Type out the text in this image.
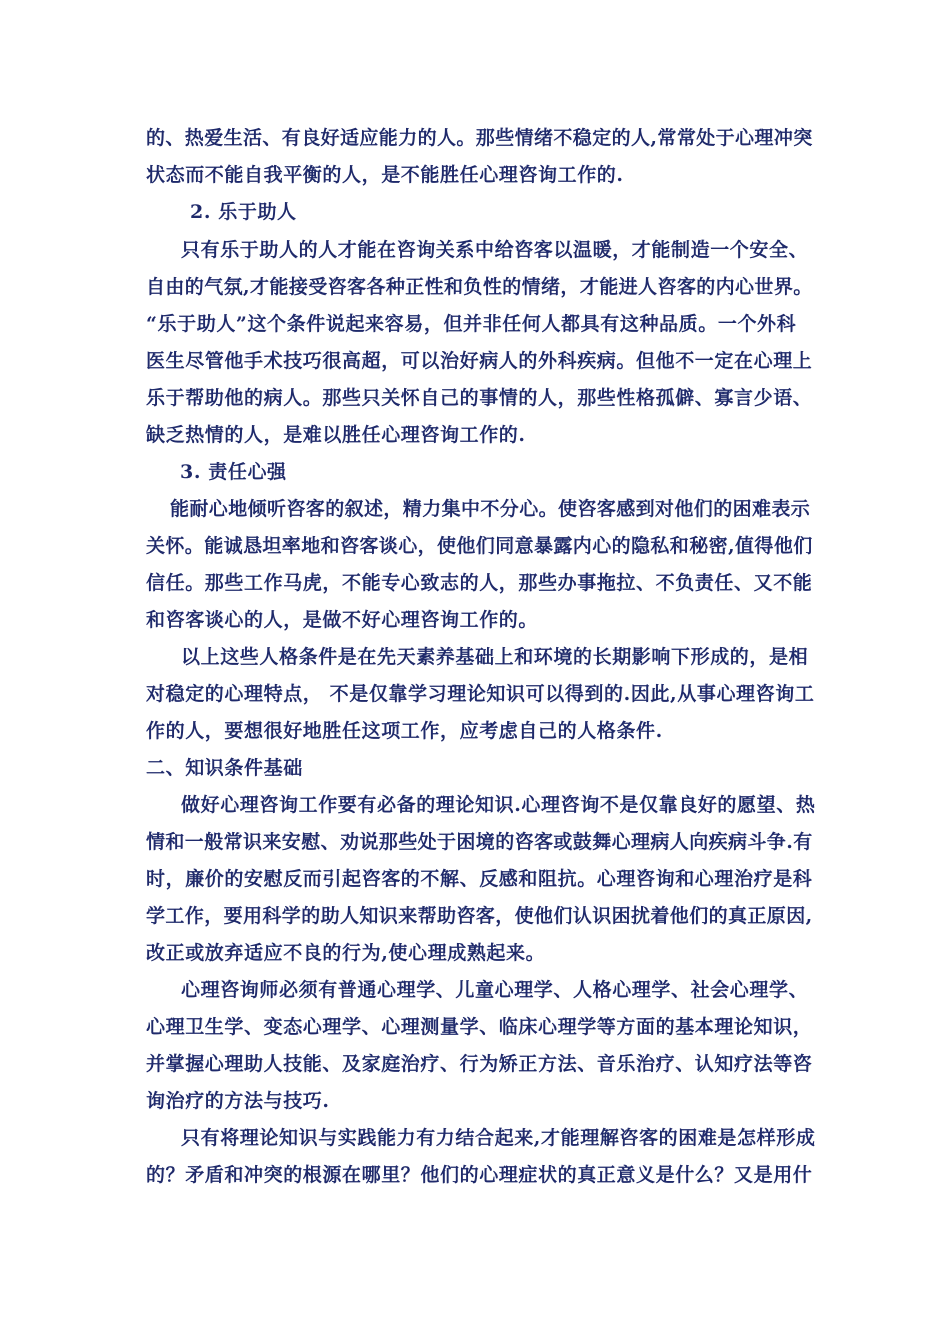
的、热爱生活、有良好适应能力的人。那些情绪不稳定的人,常常处于心理冲突

状态而不能自我平衡的人，是不能胜任心理咨询工作的.

2. 乐于助人

只有乐于助人的人才能在咨询关系中给咨客以温暖，才能制造一个安全、

自由的气氛,才能接受咨客各种正性和负性的情绪，才能进人咨客的内心世界。

“乐于助人”这个条件说起来容易，但并非任何人都具有这种品质。一个外科

医生尽管他手术技巧很高超，可以治好病人的外科疾病。但他不一定在心理上

乐于帮助他的病人。那些只关怀自己的事情的人，那些性格孤僻、寡言少语、

缺乏热情的人，是难以胜任心理咨询工作的.

3. 责任心强

能耐心地倾听咨客的叙述，精力集中不分心。使咨客感到对他们的困难表示

关怀。能诚恳坦率地和咨客谈心，使他们同意暴露内心的隐私和秘密,值得他们

信任。那些工作马虎，不能专心致志的人，那些办事拖拉、不负责任、又不能

和咨客谈心的人，是做不好心理咨询工作的。

以上这些人格条件是在先天素养基础上和环境的长期影响下形成的，是相

对稳定的心理特点， 不是仅靠学习理论知识可以得到的.因此,从事心理咨询工

作的人，要想很好地胜任这项工作，应考虑自己的人格条件.

二、知识条件基础

做好心理咨询工作要有必备的理论知识.心理咨询不是仅靠良好的愿望、热

情和一般常识来安慰、劝说那些处于困境的咨客或鼓舞心理病人向疾病斗争.有

时，廉价的安慰反而引起咨客的不解、反感和阻抗。心理咨询和心理治疗是科

学工作，要用科学的助人知识来帮助咨客，使他们认识困扰着他们的真正原因,

改正或放弃适应不良的行为,使心理成熟起来。

心理咨询师必须有普通心理学、儿童心理学、人格心理学、社会心理学、

心理卫生学、变态心理学、心理测量学、临床心理学等方面的基本理论知识，

并掌握心理助人技能、及家庭治疗、行为矫正方法、音乐治疗、认知疗法等咨

询治疗的方法与技巧.

只有将理论知识与实践能力有力结合起来,才能理解咨客的困难是怎样形成

的？矛盾和冲突的根源在哪里？他们的心理症状的真正意义是什么？又是用什
